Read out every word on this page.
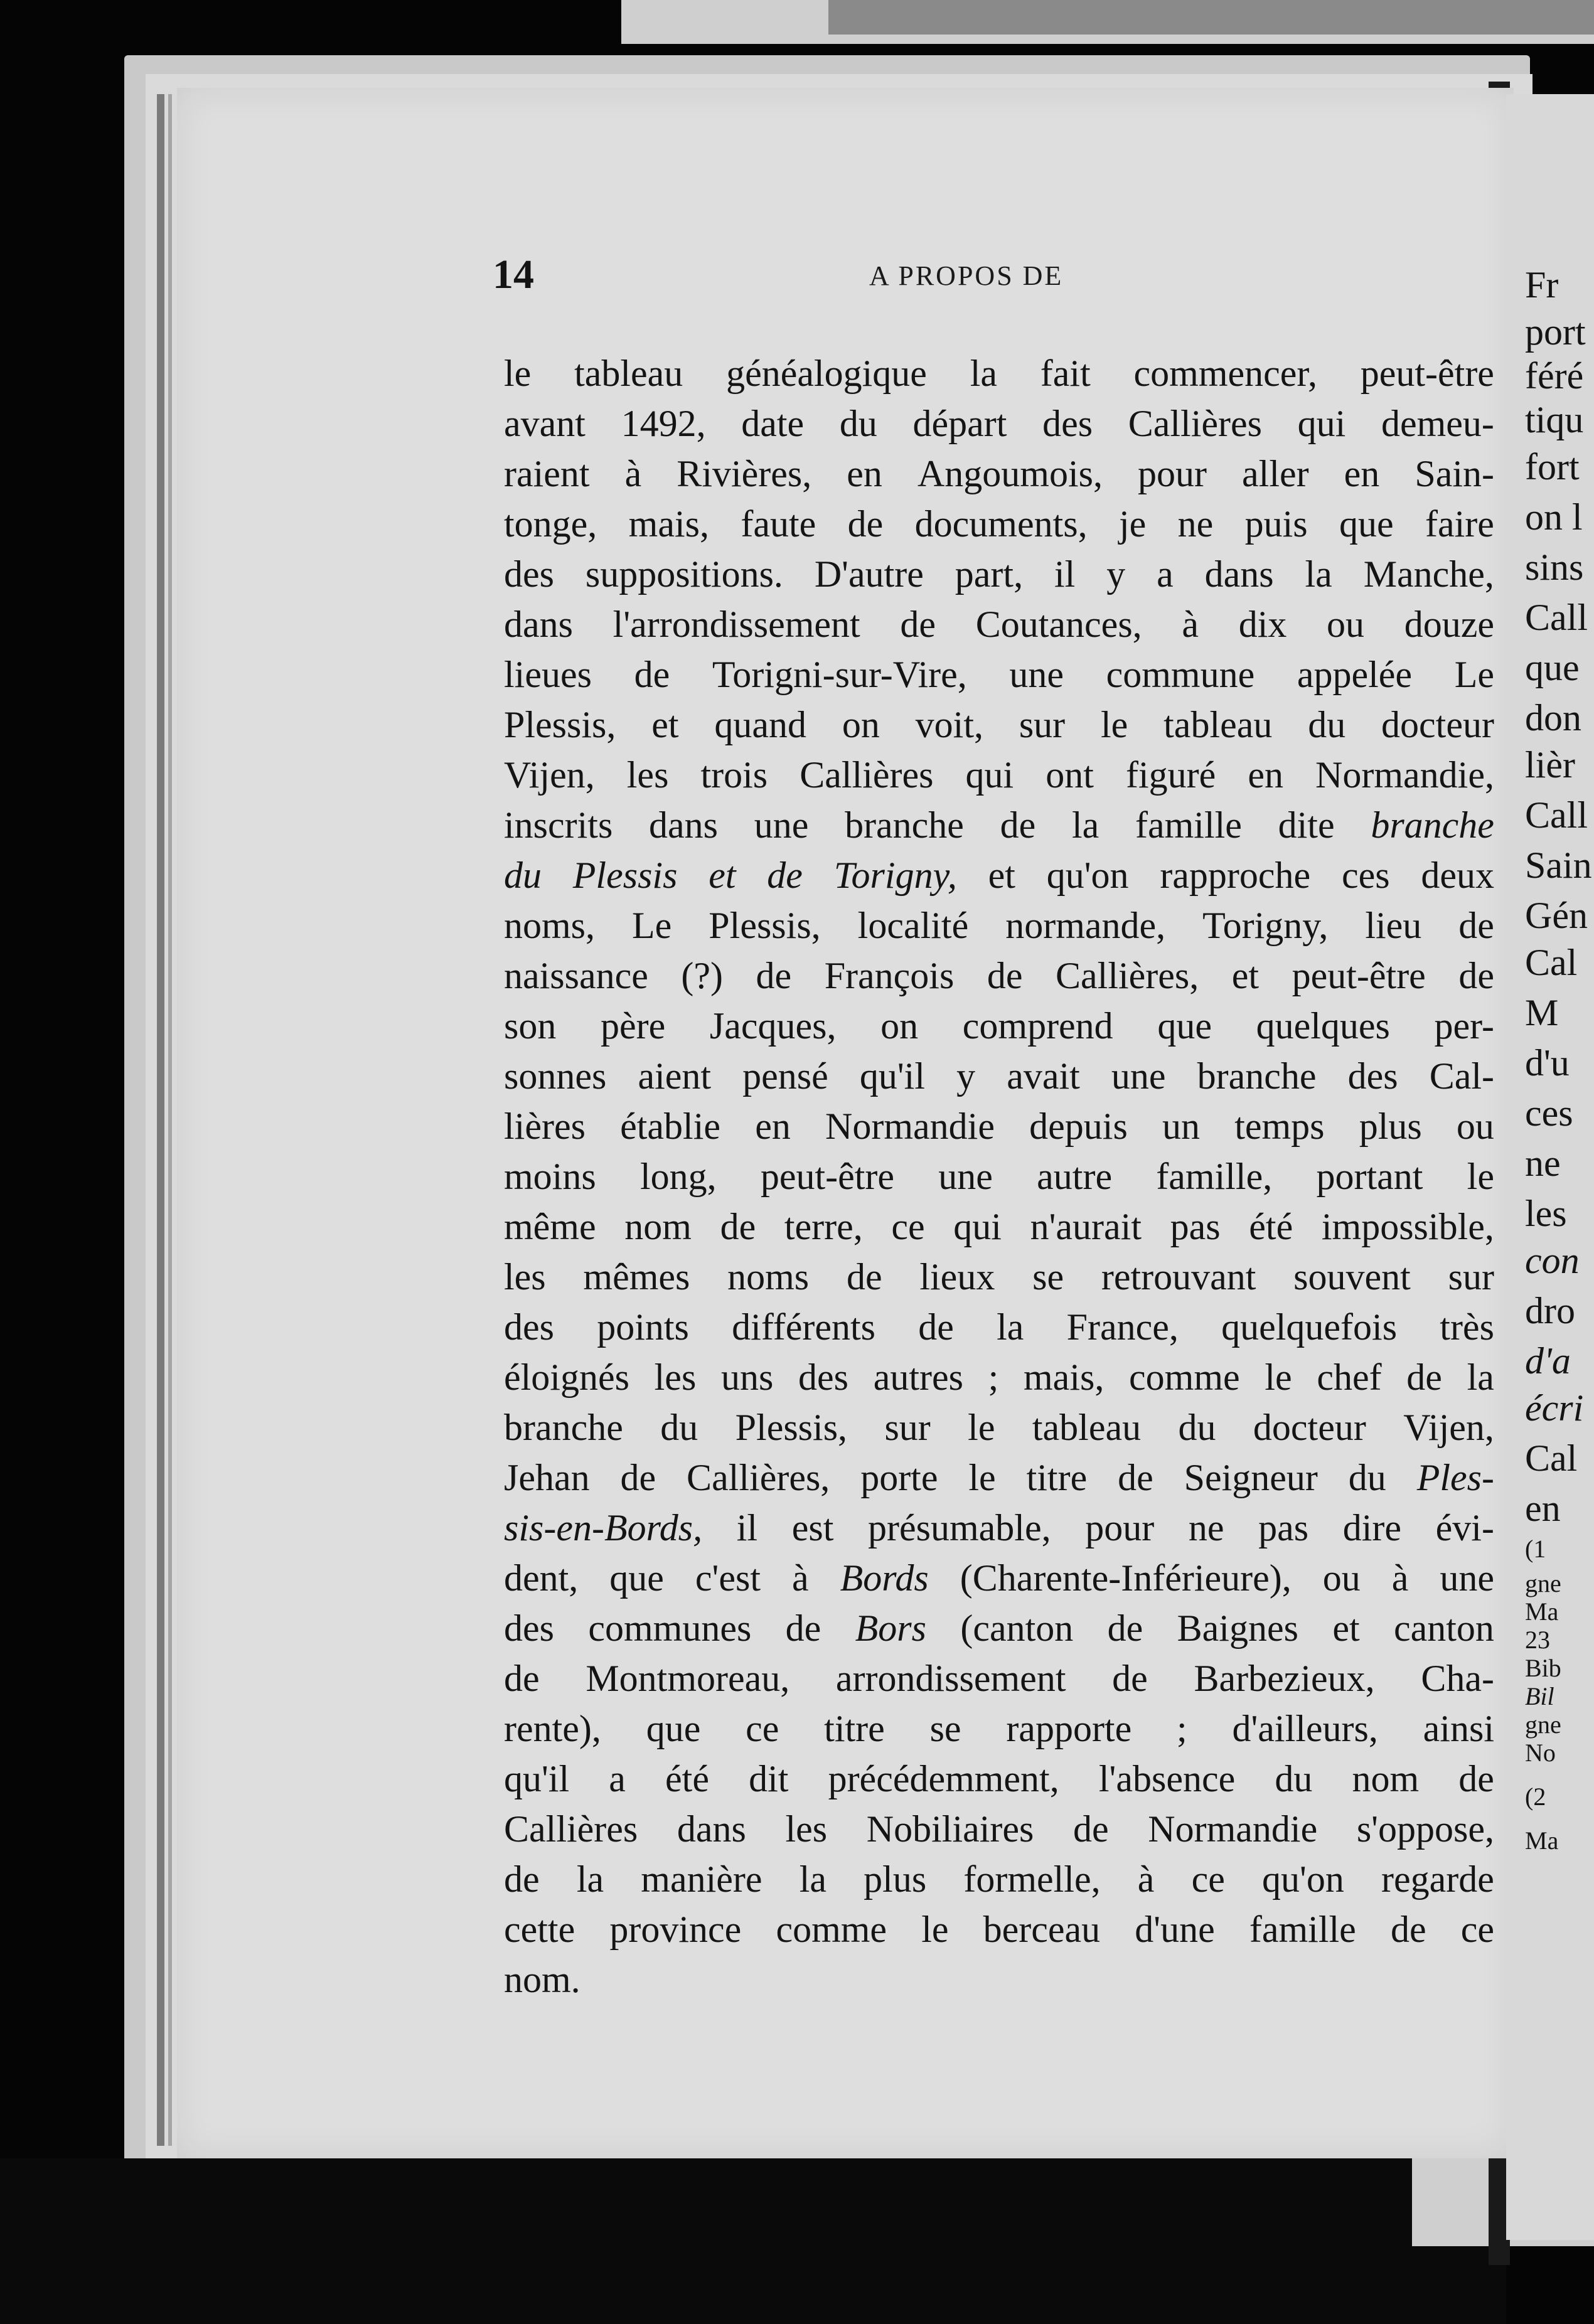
14	A PROPOS DE
le tableau généalogique la fait commencer, peut-être
avant 1492, date du départ des Callières qui demeu-
raient à Rivières, en Angoumois, pour aller en Sain-
tonge, mais, faute de documents, je ne puis que faire
des suppositions. D'autre part, il y a dans la Manche,
dans l'arrondissement de Coutances, à dix ou douze
lieues de Torigni-sur-Vire, une commune appelée Le
Plessis, et quand on voit, sur le tableau du docteur
Vijen, les trois Callières qui ont figuré en Normandie,
inscrits dans une branche de la famille dite branche
du Plessis et de Torigny, et qu'on rapproche ces deux
noms, Le Plessis, localité normande, Torigny, lieu de
naissance (?) de François de Callières, et peut-être de
son père Jacques, on comprend que quelques per-
sonnes aient pensé qu'il y avait une branche des Cal-
lières établie en Normandie depuis un temps plus ou
moins long, peut-être une autre famille, portant le
même nom de terre, ce qui n'aurait pas été impossible,
les mêmes noms de lieux se retrouvant souvent sur
des points différents de la France, quelquefois très
éloignés les uns des autres ; mais, comme le chef de la
branche du Plessis, sur le tableau du docteur Vijen,
Jehan de Callières, porte le titre de Seigneur du Ples-
sis-en-Bords, il est présumable, pour ne pas dire évi-
dent, que c'est à Bords (Charente-Inférieure), ou à une
des communes de Bors (canton de Baignes et canton
de Montmoreau, arrondissement de Barbezieux, Cha-
rente), que ce titre se rapporte ; d'ailleurs, ainsi
qu'il a été dit précédemment, l'absence du nom de
Callières dans les Nobiliaires de Normandie s'oppose,
de la manière la plus formelle, à ce qu'on regarde
cette province comme le berceau d'une famille de ce
nom.
Fr
port
féré
tiqu
fort
on l
sins
Call
que
don
lièr
Call
Sain
Gén
Cal
M
d'u
ces
ne
les
con
dro
d'a
écri
Cal
en
(1
gne
Ma
23
Bib
Bil
gne
No
(2
Ma
